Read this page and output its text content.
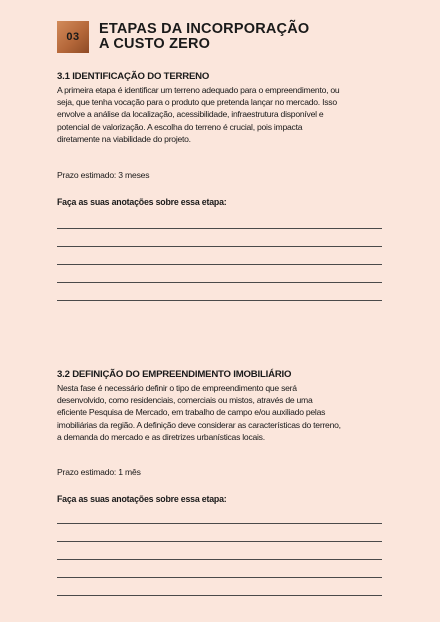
03	ETAPAS DA INCORPORAÇÃO
A CUSTO ZERO
3.1 IDENTIFICAÇÃO DO TERRENO
A primeira etapa é identificar um terreno adequado para o empreendimento, ou
seja, que tenha vocação para o produto que pretenda lançar no mercado. Isso
envolve a análise da localização, acessibilidade, infraestrutura disponível e
potencial de valorização. A escolha do terreno é crucial, pois impacta
diretamente na viabilidade do projeto.
Prazo estimado: 3 meses
Faça as suas anotações sobre essa etapa:
3.2 DEFINIÇÃO DO EMPREENDIMENTO IMOBILIÁRIO
Nesta fase é necessário definir o tipo de empreendimento que será
desenvolvido, como residenciais, comerciais ou mistos, através de uma
eficiente Pesquisa de Mercado, em trabalho de campo e/ou auxiliado pelas
imobiliárias da região. A definição deve considerar as características do terreno,
a demanda do mercado e as diretrizes urbanísticas locais.
Prazo estimado: 1 mês
Faça as suas anotações sobre essa etapa:
